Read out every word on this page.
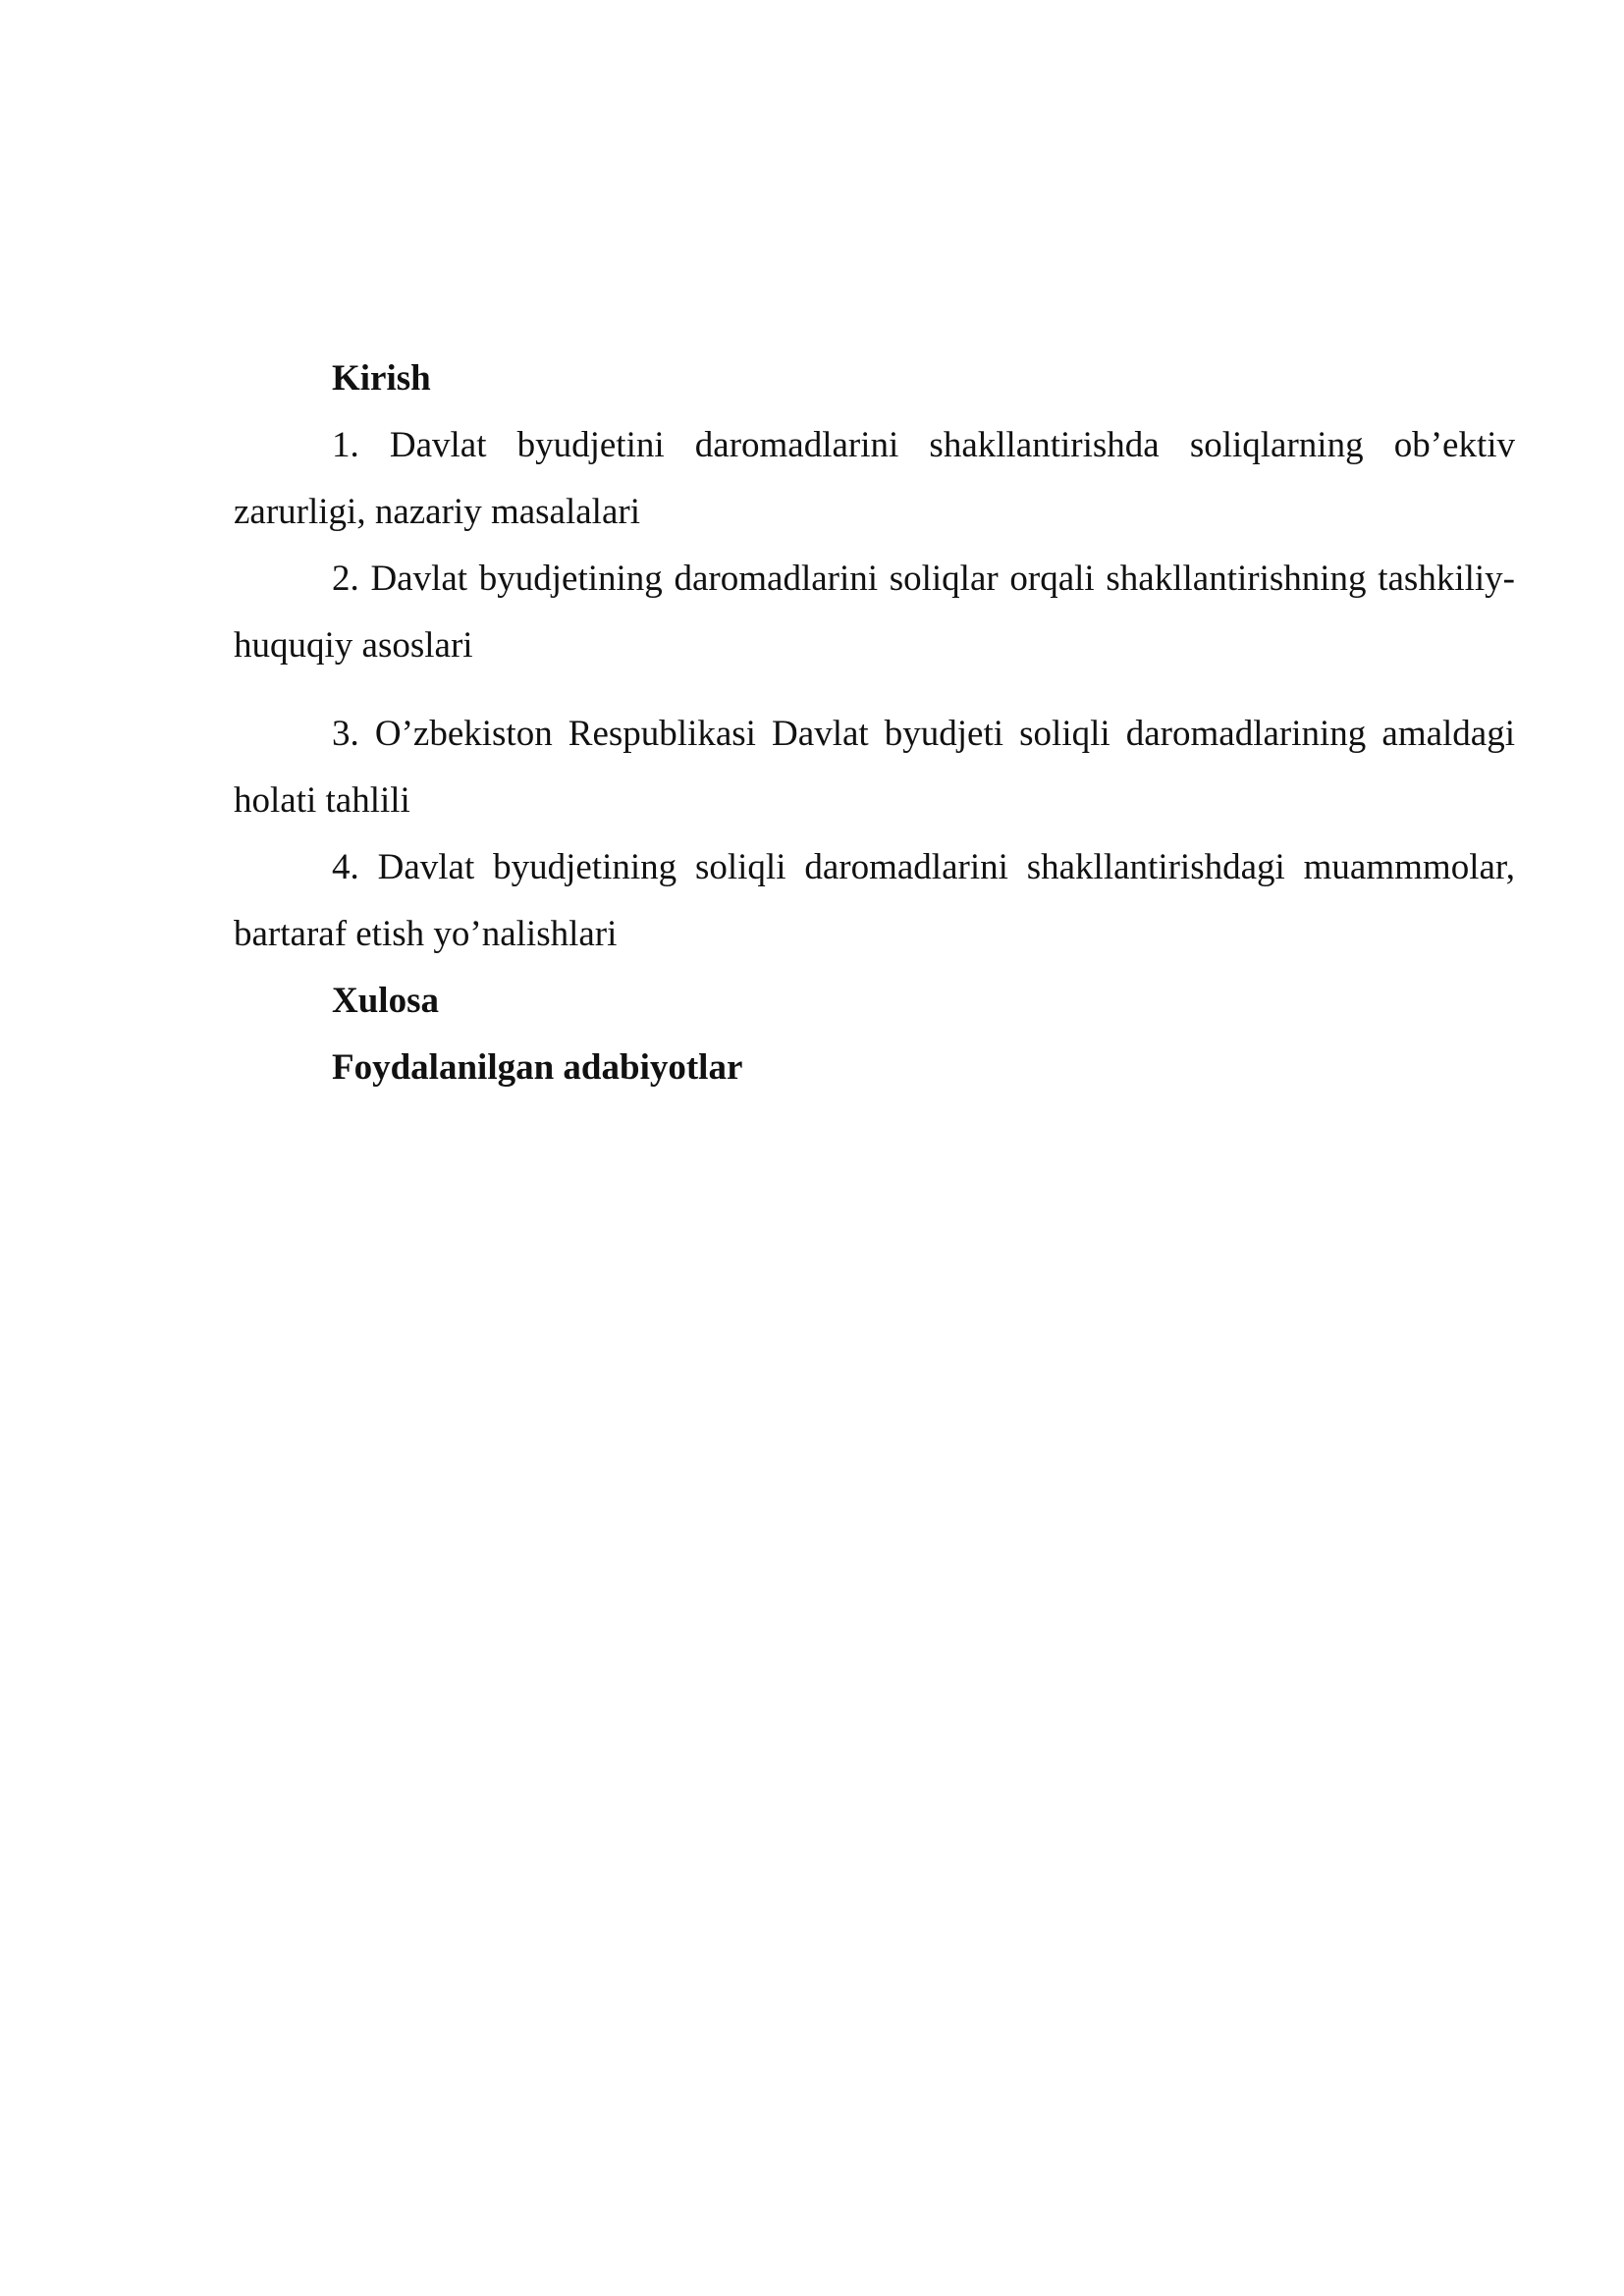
Kirish

1. Davlat byudjetini daromadlarini shakllantirishda soliqlarning ob’ektiv zarurligi, nazariy masalalari

2. Davlat byudjetining daromadlarini soliqlar orqali shakllantirishning tashkiliy-huquqiy asoslari

3. O’zbekiston Respublikasi Davlat byudjeti soliqli daromadlarining amaldagi holati tahlili

4. Davlat byudjetining soliqli daromadlarini shakllantirishdagi muammmolar, bartaraf etish yo’nalishlari

Xulosa

Foydalanilgan adabiyotlar
